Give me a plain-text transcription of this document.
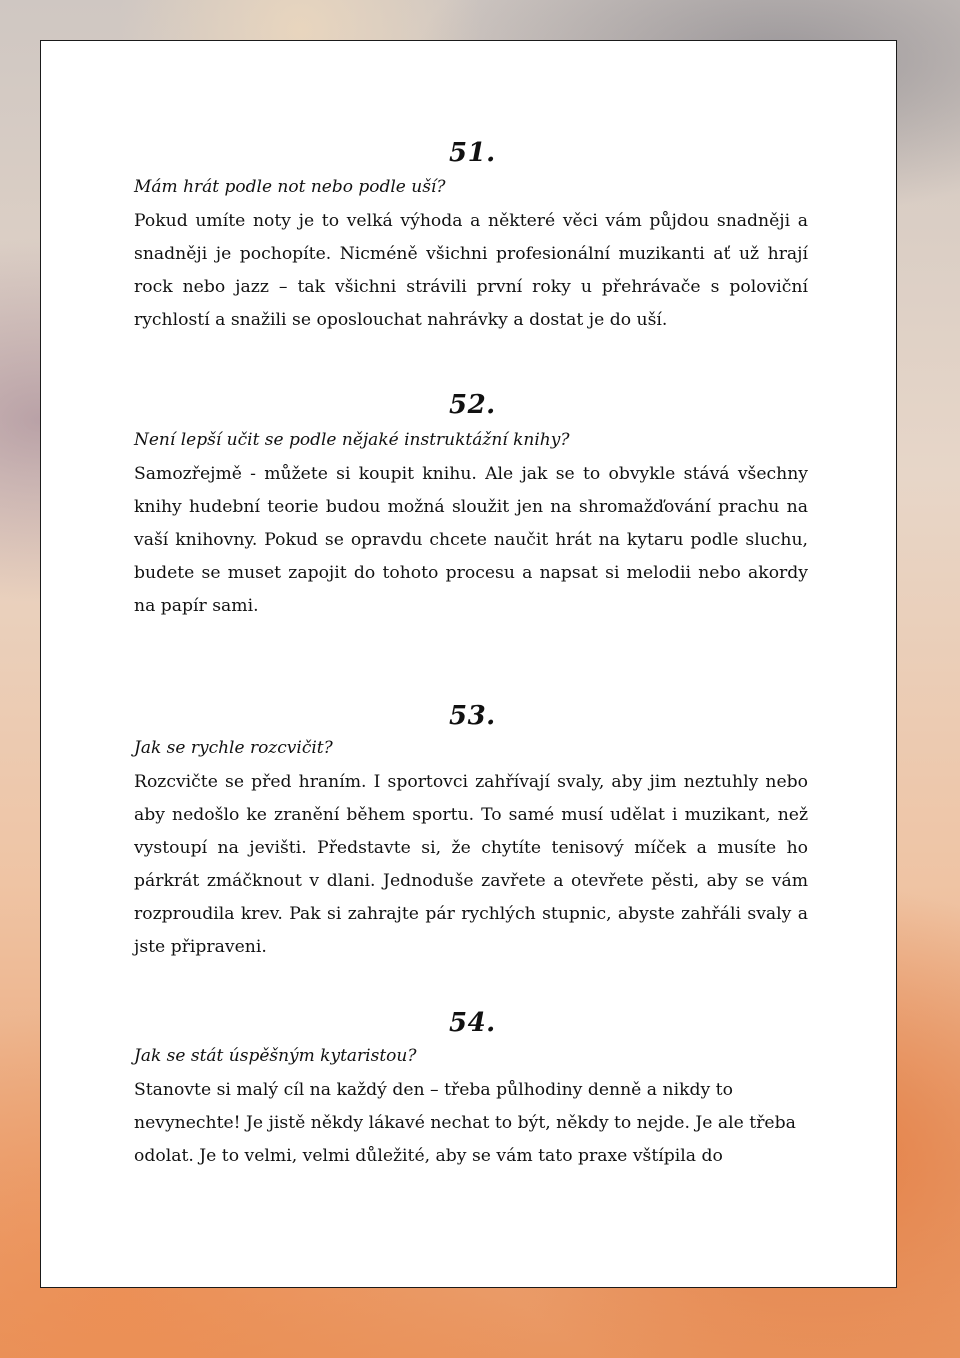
51.
Mám hrát podle not nebo podle uší?

Pokud umíte noty je to velká výhoda a některé věci vám půjdou snadněji a snadněji je pochopíte. Nicméně všichni profesionální muzikanti ať už hrají rock nebo jazz – tak všichni strávili první roky u přehrávače s poloviční rychlostí a snažili se oposlouchat nahrávky a dostat je do uší.

52.
Není lepší učit se podle nějaké instruktážní knihy?

Samozřejmě - můžete si koupit knihu. Ale jak se to obvykle stává všechny knihy hudební teorie budou možná sloužit jen na shromažďování prachu na vaší knihovny. Pokud se opravdu chcete naučit hrát na kytaru podle sluchu, budete se muset zapojit do tohoto procesu a napsat si melodii nebo akordy na papír sami.

53.
Jak se rychle rozcvičit?

Rozcvičte se před hraním. I sportovci zahřívají svaly, aby jim neztuhly nebo aby nedošlo ke zranění během sportu. To samé musí udělat i muzikant, než vystoupí na jevišti. Představte si, že chytíte tenisový míček a musíte ho párkrát zmáčknout v dlani. Jednoduše zavřete a otevřete pěsti, aby se vám rozproudila krev. Pak si zahrajte pár rychlých stupnic, abyste zahřáli svaly a jste připraveni.

54.
Jak se stát úspěšným kytaristou?

Stanovte si malý cíl na každý den – třeba půlhodiny denně a nikdy to nevynechte! Je jistě někdy lákavé nechat to být, někdy to nejde. Je ale třeba odolat. Je to velmi, velmi důležité, aby se vám tato praxe vštípila do
